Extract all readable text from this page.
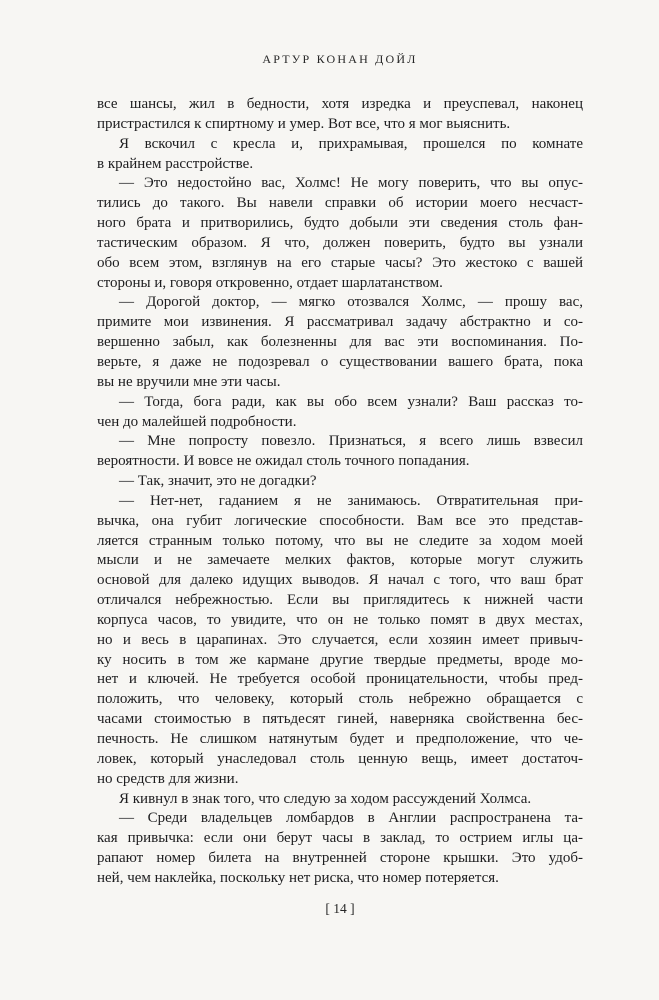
АРТУР КОНАН ДОЙЛ
все шансы, жил в бедности, хотя изредка и преуспевал, наконец
пристрастился к спиртному и умер. Вот все, что я мог выяснить.
Я вскочил с кресла и, прихрамывая, прошелся по комнате
в крайнем расстройстве.
— Это недостойно вас, Холмс! Не могу поверить, что вы опус-
тились до такого. Вы навели справки об истории моего несчаст-
ного брата и притворились, будто добыли эти сведения столь фан-
тастическим образом. Я что, должен поверить, будто вы узнали
обо всем этом, взглянув на его старые часы? Это жестоко с вашей
стороны и, говоря откровенно, отдает шарлатанством.
— Дорогой доктор, — мягко отозвался Холмс, — прошу вас,
примите мои извинения. Я рассматривал задачу абстрактно и со-
вершенно забыл, как болезненны для вас эти воспоминания. По-
верьте, я даже не подозревал о существовании вашего брата, пока
вы не вручили мне эти часы.
— Тогда, бога ради, как вы обо всем узнали? Ваш рассказ то-
чен до малейшей подробности.
— Мне попросту повезло. Признаться, я всего лишь взвесил
вероятности. И вовсе не ожидал столь точного попадания.
— Так, значит, это не догадки?
— Нет-нет, гаданием я не занимаюсь. Отвратительная при-
вычка, она губит логические способности. Вам все это представ-
ляется странным только потому, что вы не следите за ходом моей
мысли и не замечаете мелких фактов, которые могут служить
основой для далеко идущих выводов. Я начал с того, что ваш брат
отличался небрежностью. Если вы приглядитесь к нижней части
корпуса часов, то увидите, что он не только помят в двух местах,
но и весь в царапинах. Это случается, если хозяин имеет привыч-
ку носить в том же кармане другие твердые предметы, вроде мо-
нет и ключей. Не требуется особой проницательности, чтобы пред-
положить, что человеку, который столь небрежно обращается с
часами стоимостью в пятьдесят гиней, наверняка свойственна бес-
печность. Не слишком натянутым будет и предположение, что че-
ловек, который унаследовал столь ценную вещь, имеет достаточ-
но средств для жизни.
Я кивнул в знак того, что следую за ходом рассуждений Холмса.
— Среди владельцев ломбардов в Англии распространена та-
кая привычка: если они берут часы в заклад, то острием иглы ца-
рапают номер билета на внутренней стороне крышки. Это удоб-
ней, чем наклейка, поскольку нет риска, что номер потеряется.
[ 14 ]
